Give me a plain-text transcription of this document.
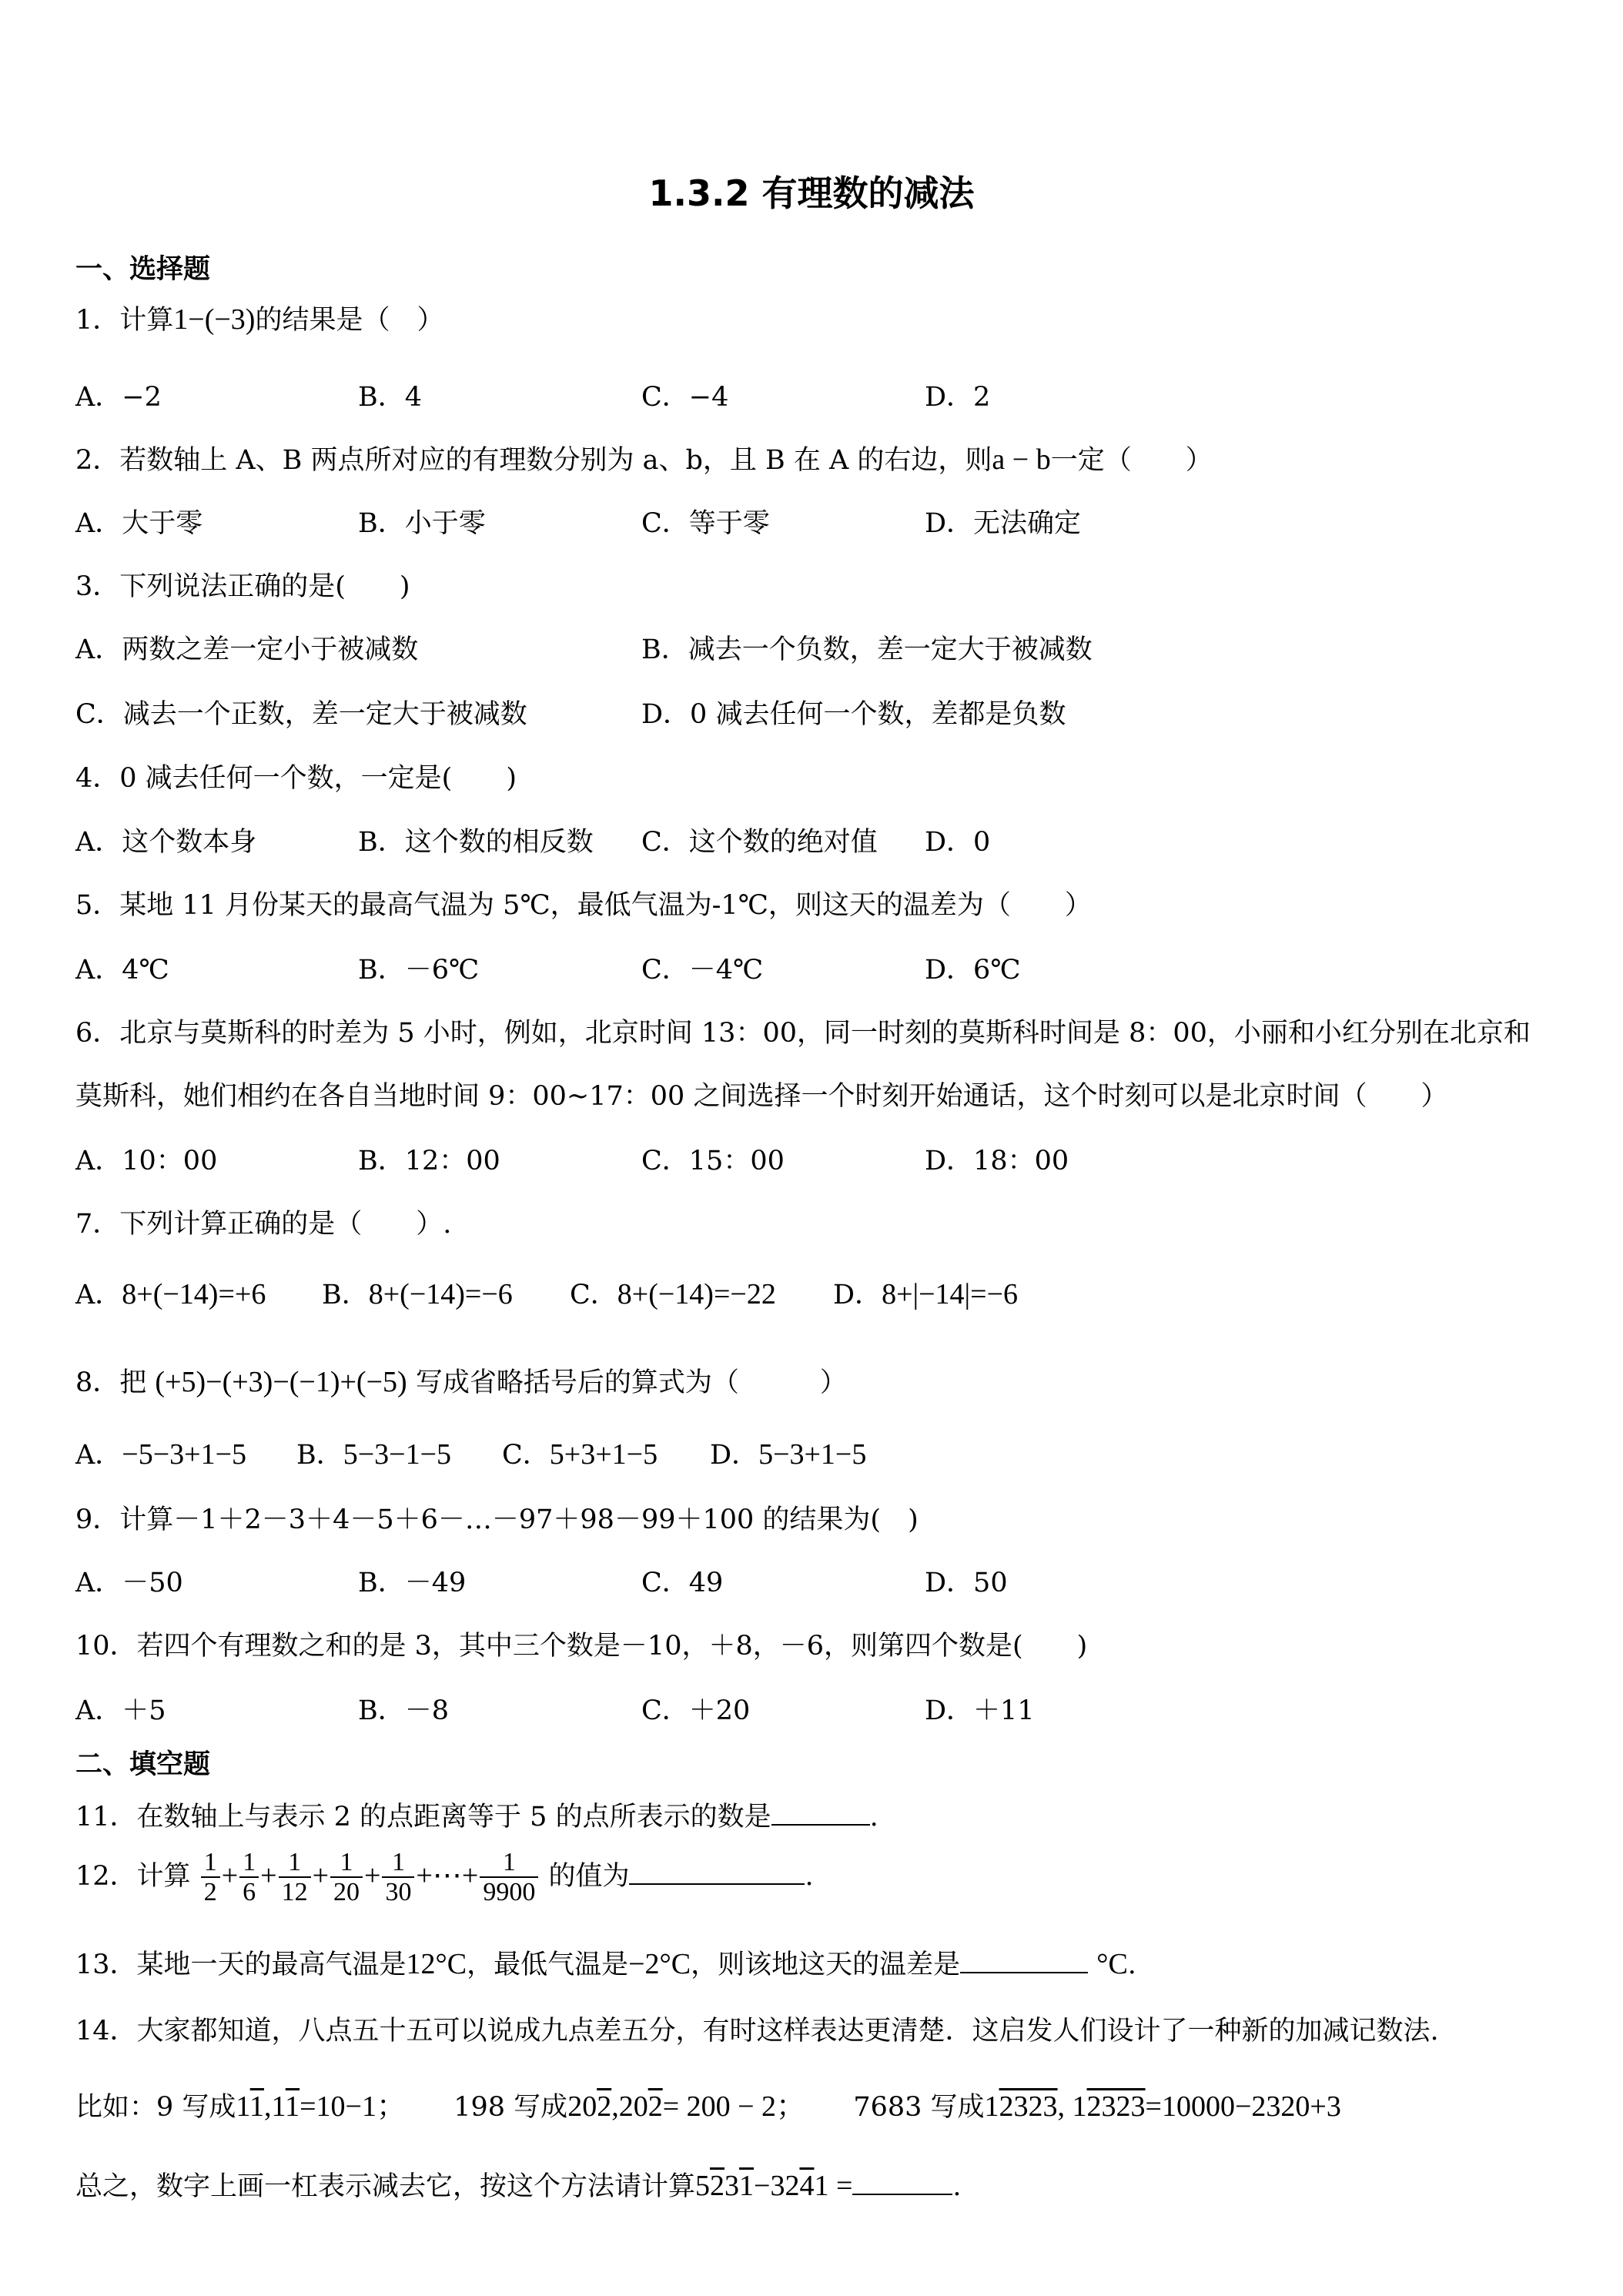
1.3.2 有理数的减法
一、选择题
1．计算1−(−3)的结果是（　）
A．−2	B．4	C．−4	D．2
2．若数轴上 A、B 两点所对应的有理数分别为 a、b，且 B 在 A 的右边，则a − b一定（　　）
A．大于零	B．小于零	C．等于零	D．无法确定
3．下列说法正确的是(　　)
A．两数之差一定小于被减数	B．减去一个负数，差一定大于被减数
C．减去一个正数，差一定大于被减数	D．0 减去任何一个数，差都是负数
4．0 减去任何一个数，一定是(　　)
A．这个数本身	B．这个数的相反数 C．这个数的绝对值 D．0
5．某地 11 月份某天的最高气温为 5℃，最低气温为-1℃，则这天的温差为（　　）
A．4℃	B．－6℃	C．－4℃	D．6℃
6．北京与莫斯科的时差为 5 小时，例如，北京时间 13：00，同一时刻的莫斯科时间是 8：00，小丽和小红分别在北京和
莫斯科，她们相约在各自当地时间 9：00~17：00 之间选择一个时刻开始通话，这个时刻可以是北京时间（　　）
A．10：00	B．12：00	C．15：00	D．18：00
7．下列计算正确的是（　　）.
A．8+(−14)=+6 B．8+(−14)=−6 C．8+(−14)=−22 D．8+|−14|=−6
8．把 (+5)−(+3)−(−1)+(−5) 写成省略括号后的算式为（　　　）
A．−5−3+1−5 B．5−3−1−5 C．5+3+1−5 D．5−3+1−5
9．计算－1＋2－3＋4－5＋6－…－97＋98－99＋100 的结果为(　)
A．－50	B．－49	C．49	D．50
10．若四个有理数之和的是 3，其中三个数是－10，＋8，－6，则第四个数是(　　)
A．＋5	B．－8	C．＋20	D．＋11
二、填空题
11．在数轴上与表示 2 的点距离等于 5 的点所表示的数是	.
12．计算 $\frac{1}{2} + \frac{1}{6} + \frac{1}{12} + \frac{1}{20} + \frac{1}{30}$ +⋯+ $\frac{1}{9900}$ 的值为	.
13．某地一天的最高气温是12°C，最低气温是−2°C，则该地这天的温差是	°C.
14．大家都知道，八点五十五可以说成九点差五分，有时这样表达更清楚．这启发人们设计了一种新的加减记数法.
比如：9 写成11,11=10−1； 198 写成202,202= 200 − 2； 7683 写成12323, 12323=10000−2320+3
总之，数字上画一杠表示减去它，按这个方法请计算5231−3241 =	.
